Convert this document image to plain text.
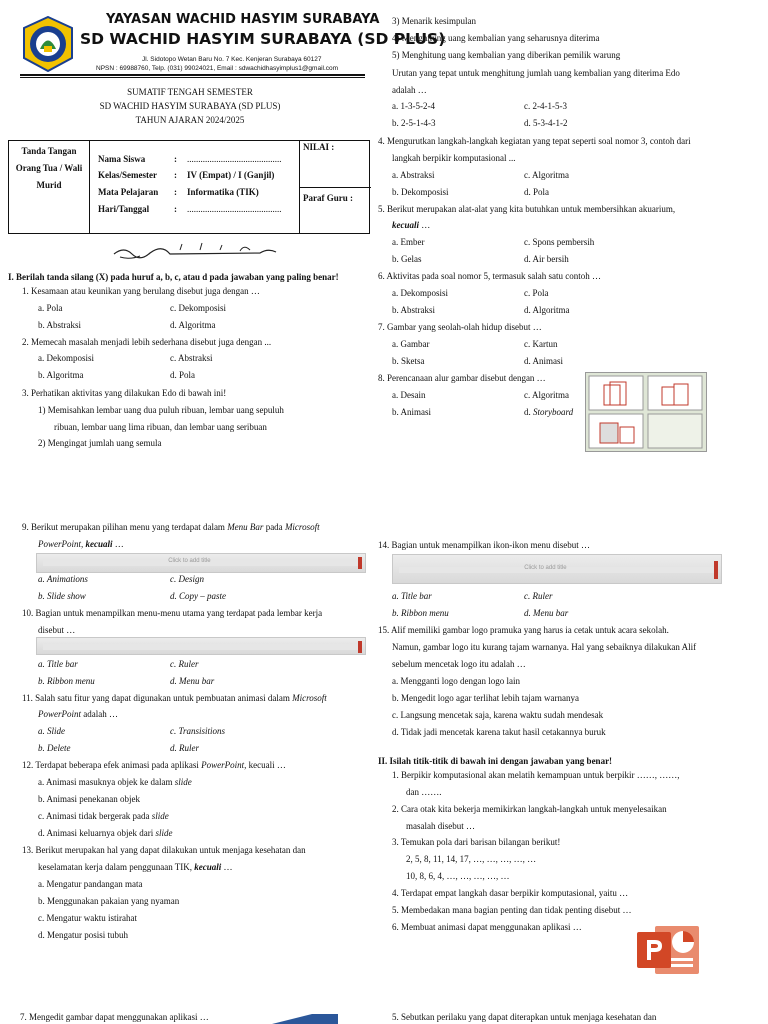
YAYASAN WACHID HASYIM SURABAYA
SD WACHID HASYIM SURABAYA (SD PLUS)
Jl. Sidotopo Wetan Baru No. 7 Kec. Kenjeran Surabaya 60127
NPSN : 69988760, Telp. (031) 99024021, Email : sdwachidhasyimplus1@gmail.com
SUMATIF TENGAH SEMESTER
SD WACHID HASYIM SURABAYA (SD PLUS)
TAHUN AJARAN 2024/2025
Tanda Tangan
Orang Tua / Wali
Murid
Nama Siswa	: ..........................................
Kelas/Semester : IV (Empat) / I (Ganjil)
Mata Pelajaran : Informatika (TIK)
Hari/Tanggal	: ..........................................
NILAI :
Paraf Guru :
I. Berilah tanda silang (X) pada huruf a, b, c, atau d pada jawaban yang paling benar!
1. Kesamaan atau keunikan yang berulang disebut juga dengan …
a. Pola	c. Dekomposisi
b. Abstraksi	d. Algoritma
2. Memecah masalah menjadi lebih sederhana disebut juga dengan ...
a. Dekomposisi	c. Abstraksi
b. Algoritma	d. Pola
3. Perhatikan aktivitas yang dilakukan Edo di bawah ini!
1) Memisahkan lembar uang dua puluh ribuan, lembar uang sepuluh
ribuan, lembar uang lima ribuan, dan lembar uang seribuan
2) Mengingat jumlah uang semula
9. Berikut merupakan pilihan menu yang terdapat dalam Menu Bar pada Microsoft
PowerPoint, kecuali …
Click to add title
a. Animations	c. Design
b. Slide show	d. Copy – paste
10. Bagian untuk menampilkan menu-menu utama yang terdapat pada lembar kerja
disebut …
a. Title bar	c. Ruler
b. Ribbon menu	d. Menu bar
11. Salah satu fitur yang dapat digunakan untuk pembuatan animasi dalam Microsoft
PowerPoint adalah …
a. Slide	c. Transisitions
b. Delete	d. Ruler
12. Terdapat beberapa efek animasi pada aplikasi PowerPoint, kecuali …
a. Animasi masuknya objek ke dalam slide
b. Animasi penekanan objek
c. Animasi tidak bergerak pada slide
d. Animasi keluarnya objek dari slide
13. Berikut merupakan hal yang dapat dilakukan untuk menjaga kesehatan dan
keselamatan kerja dalam penggunaan TIK, kecuali …
a. Mengatur pandangan mata
b. Menggunakan pakaian yang nyaman
c. Mengatur waktu istirahat
d. Mengatur posisi tubuh
7. Mengedit gambar dapat menggunakan aplikasi …
3) Menarik kesimpulan
4) Menghitung uang kembalian yang seharusnya diterima
5) Menghitung uang kembalian yang diberikan pemilik warung
Urutan yang tepat untuk menghitung jumlah uang kembalian yang diterima Edo
adalah …
a. 1-3-5-2-4	c. 2-4-1-5-3
b. 2-5-1-4-3	d. 5-3-4-1-2
4. Mengurutkan langkah-langkah kegiatan yang tepat seperti soal nomor 3, contoh dari
langkah berpikir komputasional ...
a. Abstraksi	c. Algoritma
b. Dekomposisi	d. Pola
5. Berikut merupakan alat-alat yang kita butuhkan untuk membersihkan akuarium,
kecuali …
a. Ember	c. Spons pembersih
b. Gelas	d. Air bersih
6. Aktivitas pada soal nomor 5, termasuk salah satu contoh …
a. Dekomposisi	c. Pola
b. Abstraksi	d. Algoritma
7. Gambar yang seolah-olah hidup disebut …
a. Gambar	c. Kartun
b. Sketsa	d. Animasi
8. Perencanaan alur gambar disebut dengan …
a. Desain	c. Algoritma
b. Animasi	d. Storyboard
14. Bagian untuk menampilkan ikon-ikon menu disebut …
Click to add title
a. Title bar	c. Ruler
b. Ribbon menu	d. Menu bar
15. Alif memiliki gambar logo pramuka yang harus ia cetak untuk acara sekolah.
Namun, gambar logo itu kurang tajam warnanya. Hal yang sebaiknya dilakukan Alif
sebelum mencetak logo itu adalah …
a. Mengganti logo dengan logo lain
b. Mengedit logo agar terlihat lebih tajam warnanya
c. Langsung mencetak saja, karena waktu sudah mendesak
d. Tidak jadi mencetak karena takut hasil cetakannya buruk
II. Isilah titik-titik di bawah ini dengan jawaban yang benar!
1. Berpikir komputasional akan melatih kemampuan untuk berpikir ……, ……,
dan …….
2. Cara otak kita bekerja memikirkan langkah-langkah untuk menyelesaikan
masalah disebut …
3. Temukan pola dari barisan bilangan berikut!
2, 5, 8, 11, 14, 17, …, …, …, …, …
10, 8, 6, 4, …, …, …, …, …
4. Terdapat empat langkah dasar berpikir komputasional, yaitu …
5. Membedakan mana bagian penting dan tidak penting disebut …
6. Membuat animasi dapat menggunakan aplikasi …
5. Sebutkan perilaku yang dapat diterapkan untuk menjaga kesehatan dan
